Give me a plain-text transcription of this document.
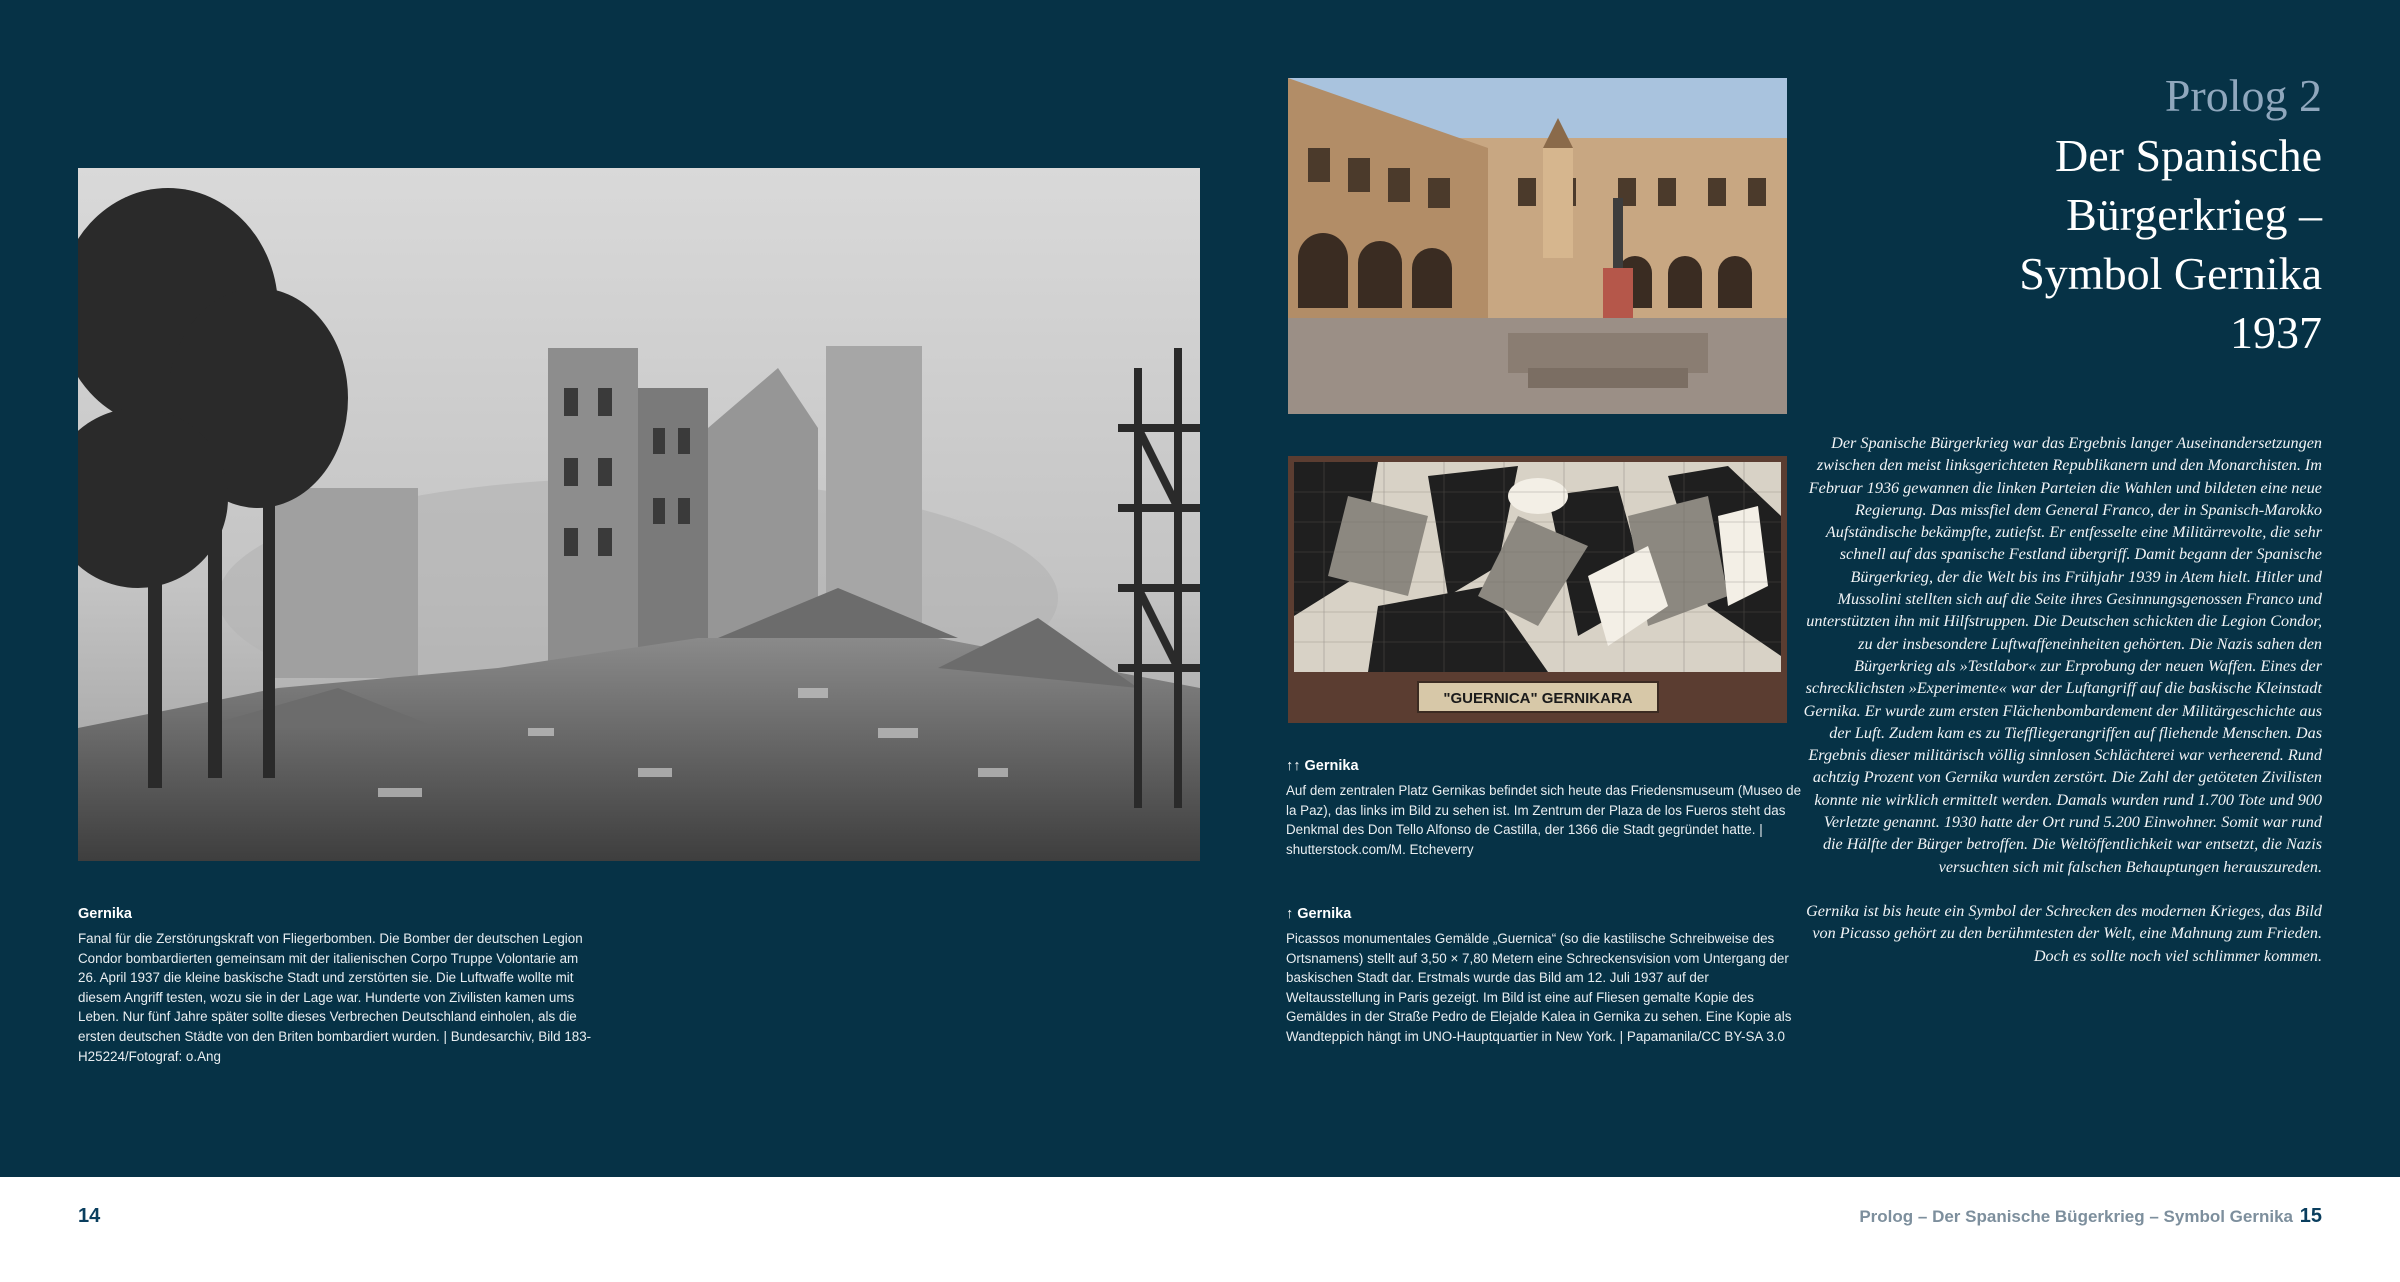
"GUERNICA" GERNIKARA
Gernika
Fanal für die Zerstörungskraft von Fliegerbomben. Die Bomber der deutschen Legion Condor bombardierten gemeinsam mit der italienischen Corpo Truppe Volontarie am 26. April 1937 die kleine baskische Stadt und zerstörten sie. Die Luftwaffe wollte mit diesem Angriff testen, wozu sie in der Lage war. Hunderte von Zivilisten kamen ums Leben. Nur fünf Jahre später sollte dieses Verbrechen Deutschland einholen, als die ersten deutschen Städte von den Briten bombardiert wurden. | Bundesarchiv, Bild 183-H25224/Fotograf: o.Ang
↑↑ Gernika
Auf dem zentralen Platz Gernikas befindet sich heute das Friedensmuseum (Museo de la Paz), das links im Bild zu sehen ist. Im Zentrum der Plaza de los Fueros steht das Denkmal des Don Tello Alfonso de Castilla, der 1366 die Stadt gegründet hatte. | shutterstock.com/M. Etcheverry
↑ Gernika
Picassos monumentales Gemälde „Guernica“ (so die kastilische Schreibweise des Ortsnamens) stellt auf 3,50 × 7,80 Metern eine Schreckensvision vom Untergang der baskischen Stadt dar. Erstmals wurde das Bild am 12. Juli 1937 auf der Weltausstellung in Paris gezeigt. Im Bild ist eine auf Fliesen gemalte Kopie des Gemäldes in der Straße Pedro de Elejalde Kalea in Gernika zu sehen. Eine Kopie als Wandteppich hängt im UNO-Hauptquartier in New York. | Papamanila/CC BY-SA 3.0
Prolog 2
Der Spanische
Bürgerkrieg –
Symbol Gernika
1937

Der Spanische Bürgerkrieg war das Ergebnis langer Auseinandersetzungen zwischen den meist linksgerichteten Republikanern und den Monarchisten. Im Februar 1936 gewannen die linken Parteien die Wahlen und bildeten eine neue Regierung. Das missfiel dem General Franco, der in Spanisch-Marokko Aufständische bekämpfte, zutiefst. Er entfesselte eine Militärrevolte, die sehr schnell auf das spanische Festland übergriff. Damit begann der Spanische Bürgerkrieg, der die Welt bis ins Frühjahr 1939 in Atem hielt. Hitler und Mussolini stellten sich auf die Seite ihres Gesinnungsgenossen Franco und unterstützten ihn mit Hilfstruppen. Die Deutschen schickten die Legion Condor, zu der insbesondere Luftwaffeneinheiten gehörten. Die Nazis sahen den Bürgerkrieg als »Testlabor« zur Erprobung der neuen Waffen. Eines der schrecklichsten »Experimente« war der Luftangriff auf die baskische Kleinstadt Gernika. Er wurde zum ersten Flächenbombardement der Militärgeschichte aus der Luft. Zudem kam es zu Tieffliegerangriffen auf fliehende Menschen. Das Ergebnis dieser militärisch völlig sinnlosen Schlächterei war verheerend. Rund achtzig Prozent von Gernika wurden zerstört. Die Zahl der getöteten Zivilisten konnte nie wirklich ermittelt werden. Damals wurden rund 1.700 Tote und 900 Verletzte genannt. 1930 hatte der Ort rund 5.200 Einwohner. Somit war rund die Hälfte der Bürger betroffen. Die Weltöffentlichkeit war entsetzt, die Nazis versuchten sich mit falschen Behauptungen herauszureden.

Gernika ist bis heute ein Symbol der Schrecken des modernen Krieges, das Bild von Picasso gehört zu den berühmtesten der Welt, eine Mahnung zum Frieden. Doch es sollte noch viel schlimmer kommen.

14	Prolog – Der Spanische Bügerkrieg – Symbol Gernika 15
